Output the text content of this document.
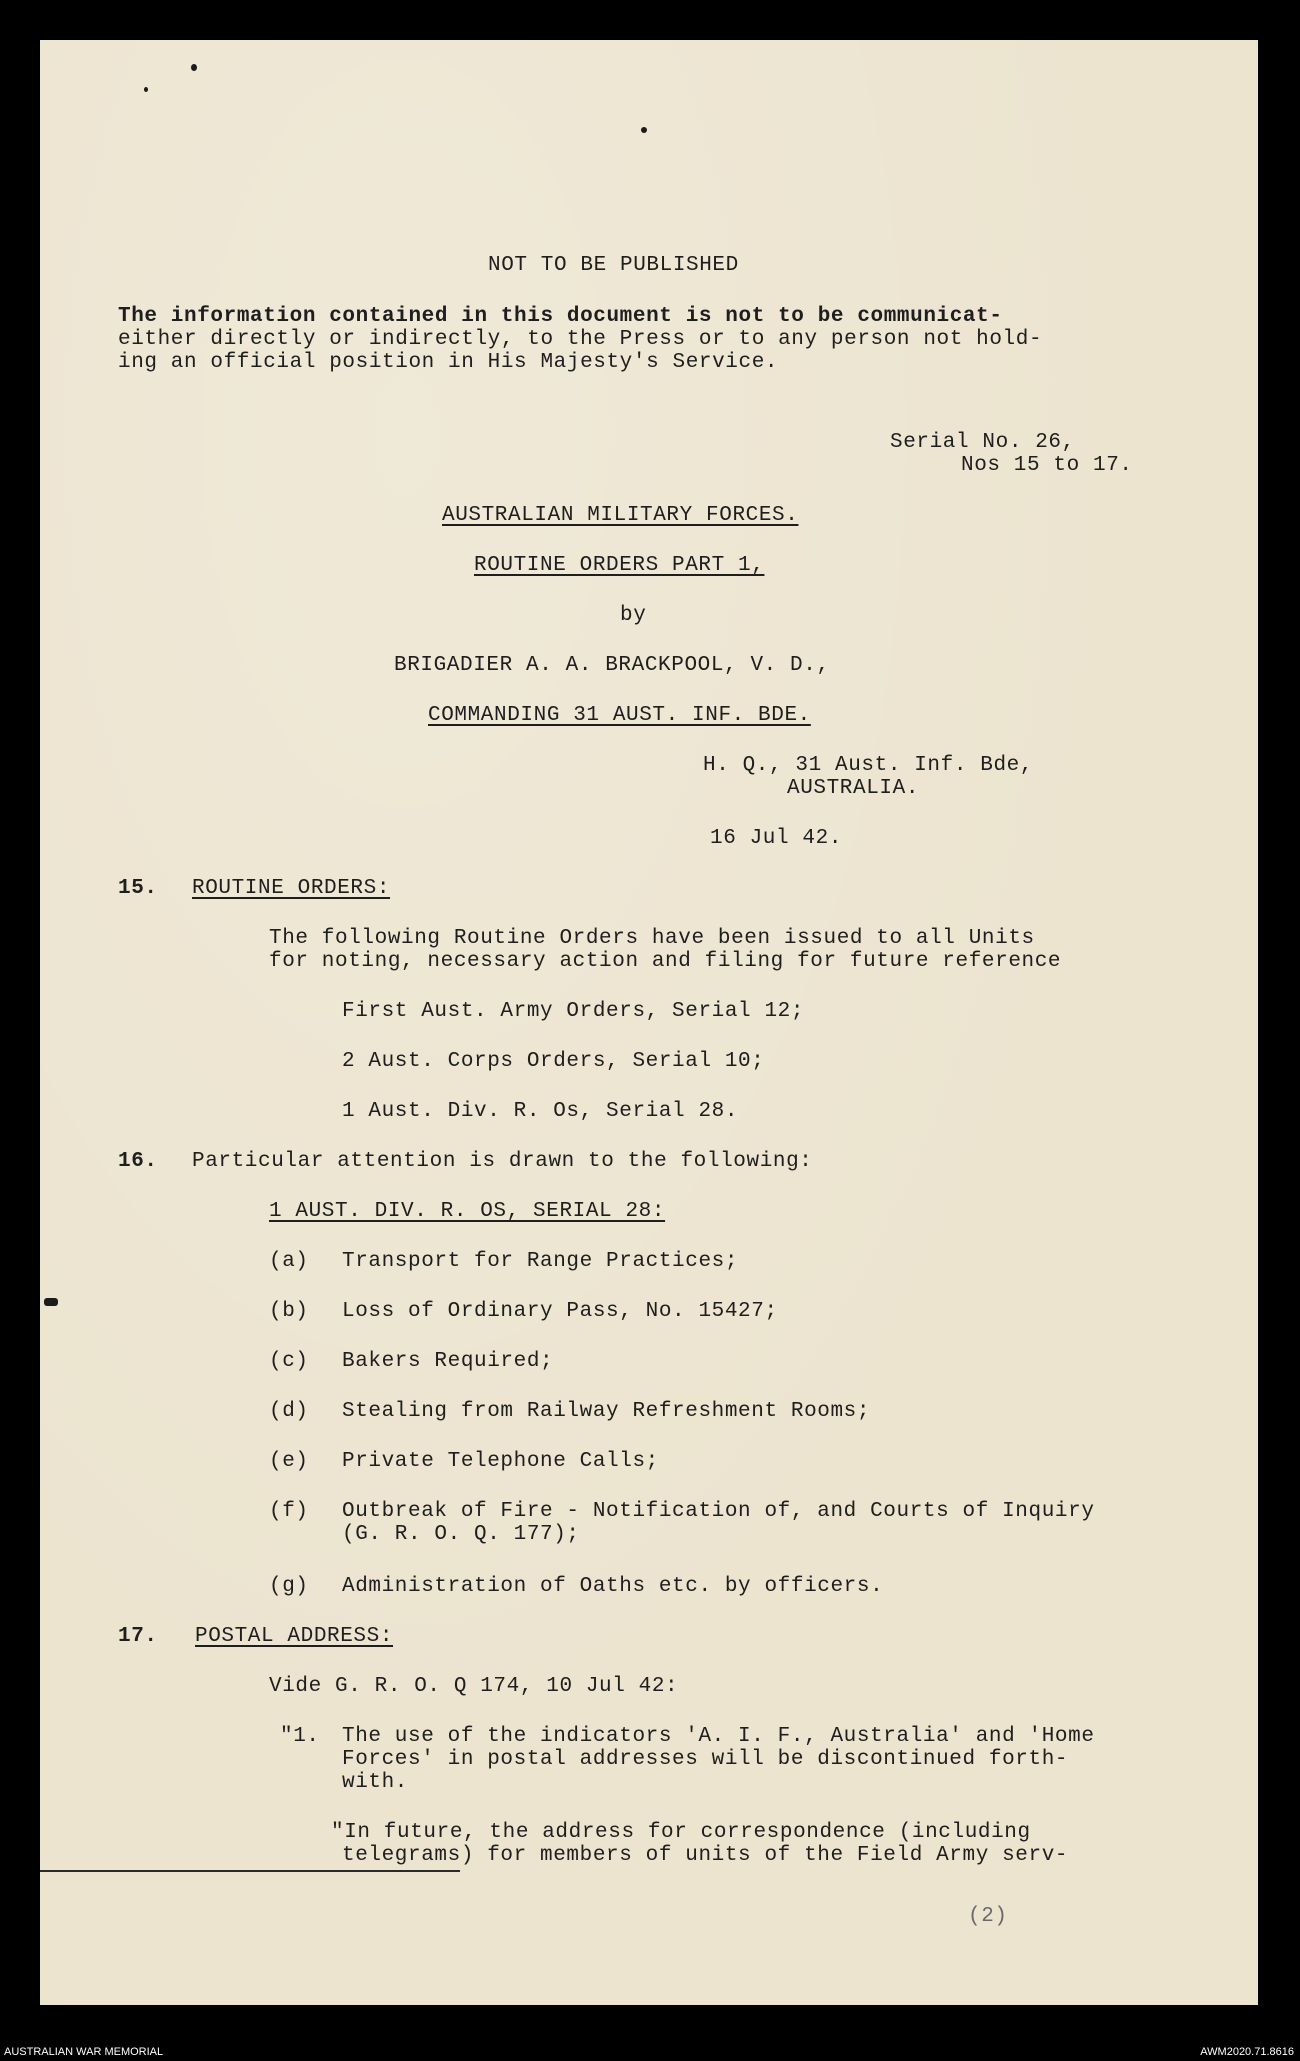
NOT TO BE PUBLISHED
The information contained in this document is not to be communicat-
either directly or indirectly, to the Press or to any person not hold-
ing an official position in His Majesty's Service.
Serial No. 26,
Nos 15 to 17.
AUSTRALIAN MILITARY FORCES.
ROUTINE ORDERS PART 1,
by
BRIGADIER A. A. BRACKPOOL, V. D.,
COMMANDING 31 AUST. INF. BDE.
H. Q., 31 Aust. Inf. Bde,
AUSTRALIA.
16 Jul 42.
15. ROUTINE ORDERS:
The following Routine Orders have been issued to all Units
for noting, necessary action and filing for future reference
First Aust. Army Orders, Serial 12;
2 Aust. Corps Orders, Serial 10;
1 Aust. Div. R. Os, Serial 28.
16. Particular attention is drawn to the following:
1 AUST. DIV. R. OS, SERIAL 28:
(a) Transport for Range Practices;
(b) Loss of Ordinary Pass, No. 15427;
(c) Bakers Required;
(d) Stealing from Railway Refreshment Rooms;
(e) Private Telephone Calls;
(f) Outbreak of Fire - Notification of, and Courts of Inquiry
(G. R. O. Q. 177);
(g) Administration of Oaths etc. by officers.
17. POSTAL ADDRESS:
Vide G. R. O. Q 174, 10 Jul 42:
"1. The use of the indicators 'A. I. F., Australia' and 'Home
Forces' in postal addresses will be discontinued forth-
with.
"In future, the address for correspondence (including
telegrams) for members of units of the Field Army serv-
(2)
AUSTRALIAN WAR MEMORIAL	AWM2020.71.8616
